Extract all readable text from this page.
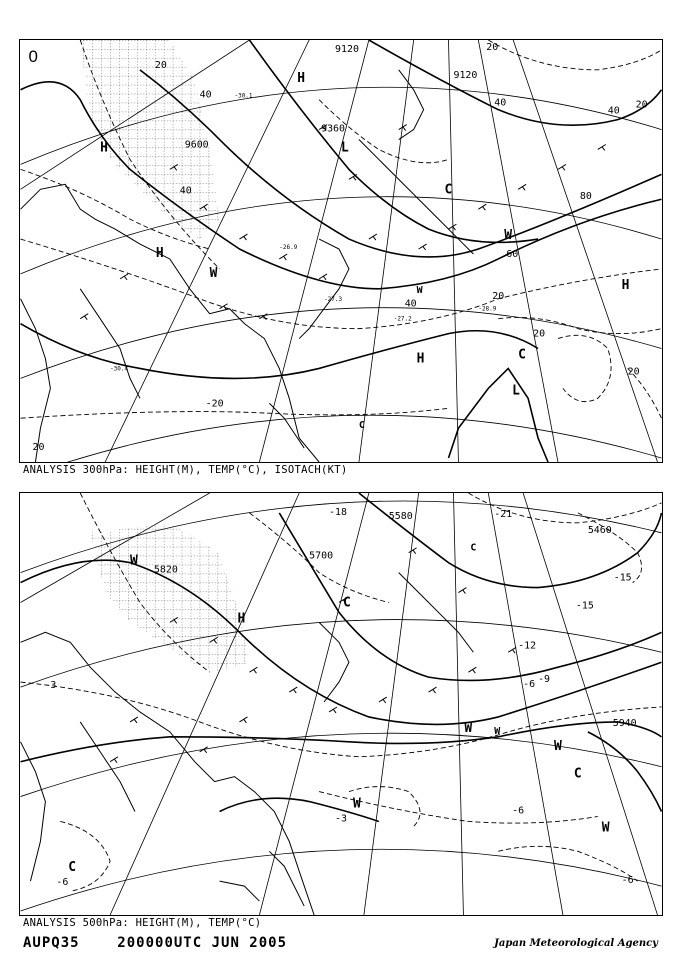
0	9120
9120
9600
9360
20
40
40
60
40
20
20
20
80
40
20
20
40
20
-20
-30.4
-27.3
-27.2
-28.9
-30.1
-26.9
H
H
H
H
W
W
L
L
C
C
C
H
W
ANALYSIS 300hPa: HEIGHT(M), TEMP(°C), ISOTACH(KT)
5820
5700
5580
5460
5940
-21
-18
-15
-15
-12
-9
-6
-3
-3
-6
-6	-6
W
H
C
C
W
W
W
W
C
C
W
ANALYSIS 500hPa: HEIGHT(M), TEMP(°C)
AUPQ35	200000UTC JUN 2005	Japan Meteorological Agency
